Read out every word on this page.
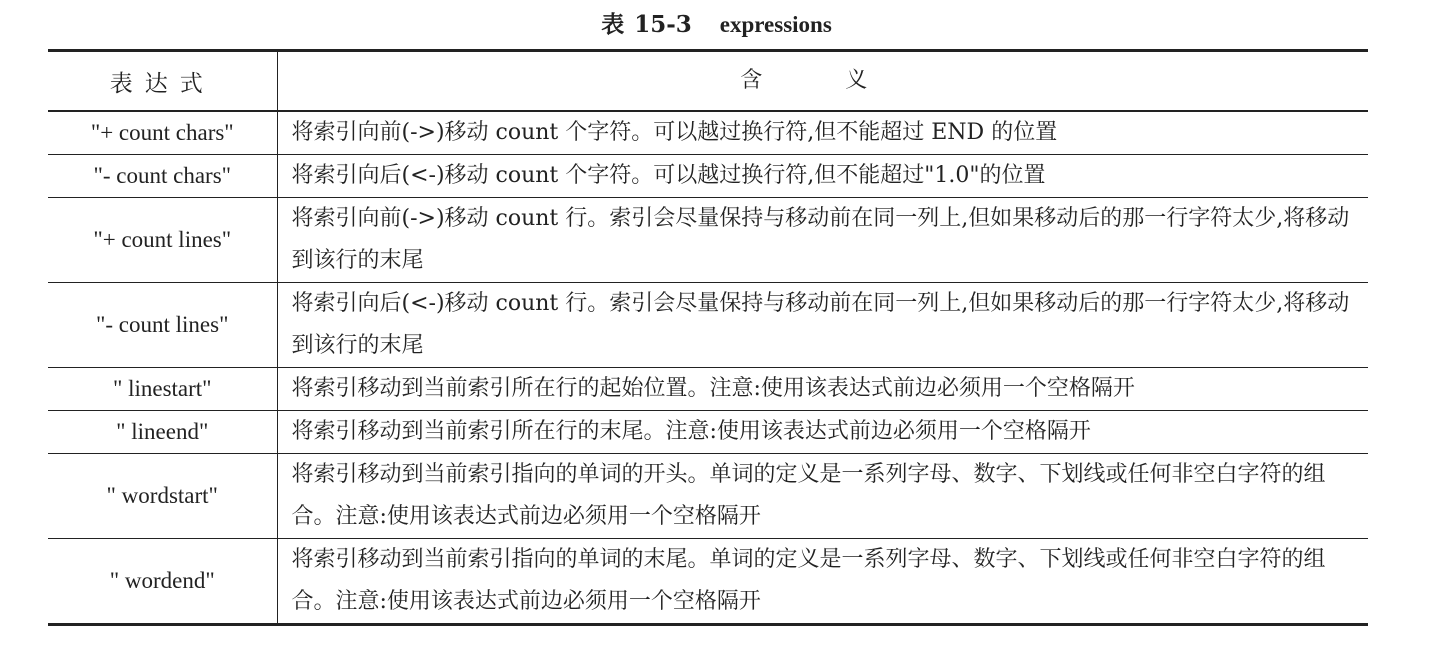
表 15-3 expressions
表达式	含 义
"+ count chars"	将索引向前(->)移动 count 个字符。可以越过换行符,但不能超过 END 的位置
"- count chars"	将索引向后(<-)移动 count 个字符。可以越过换行符,但不能超过"1.0"的位置
"+ count lines"	将索引向前(->)移动 count 行。索引会尽量保持与移动前在同一列上,但如果移动后的那一行字符太少,将移动到该行的末尾
"- count lines"	将索引向后(<-)移动 count 行。索引会尽量保持与移动前在同一列上,但如果移动后的那一行字符太少,将移动到该行的末尾
" linestart"	将索引移动到当前索引所在行的起始位置。注意:使用该表达式前边必须用一个空格隔开
" lineend"	将索引移动到当前索引所在行的末尾。注意:使用该表达式前边必须用一个空格隔开
" wordstart"	将索引移动到当前索引指向的单词的开头。单词的定义是一系列字母、数字、下划线或任何非空白字符的组合。注意:使用该表达式前边必须用一个空格隔开
" wordend"	将索引移动到当前索引指向的单词的末尾。单词的定义是一系列字母、数字、下划线或任何非空白字符的组合。注意:使用该表达式前边必须用一个空格隔开
